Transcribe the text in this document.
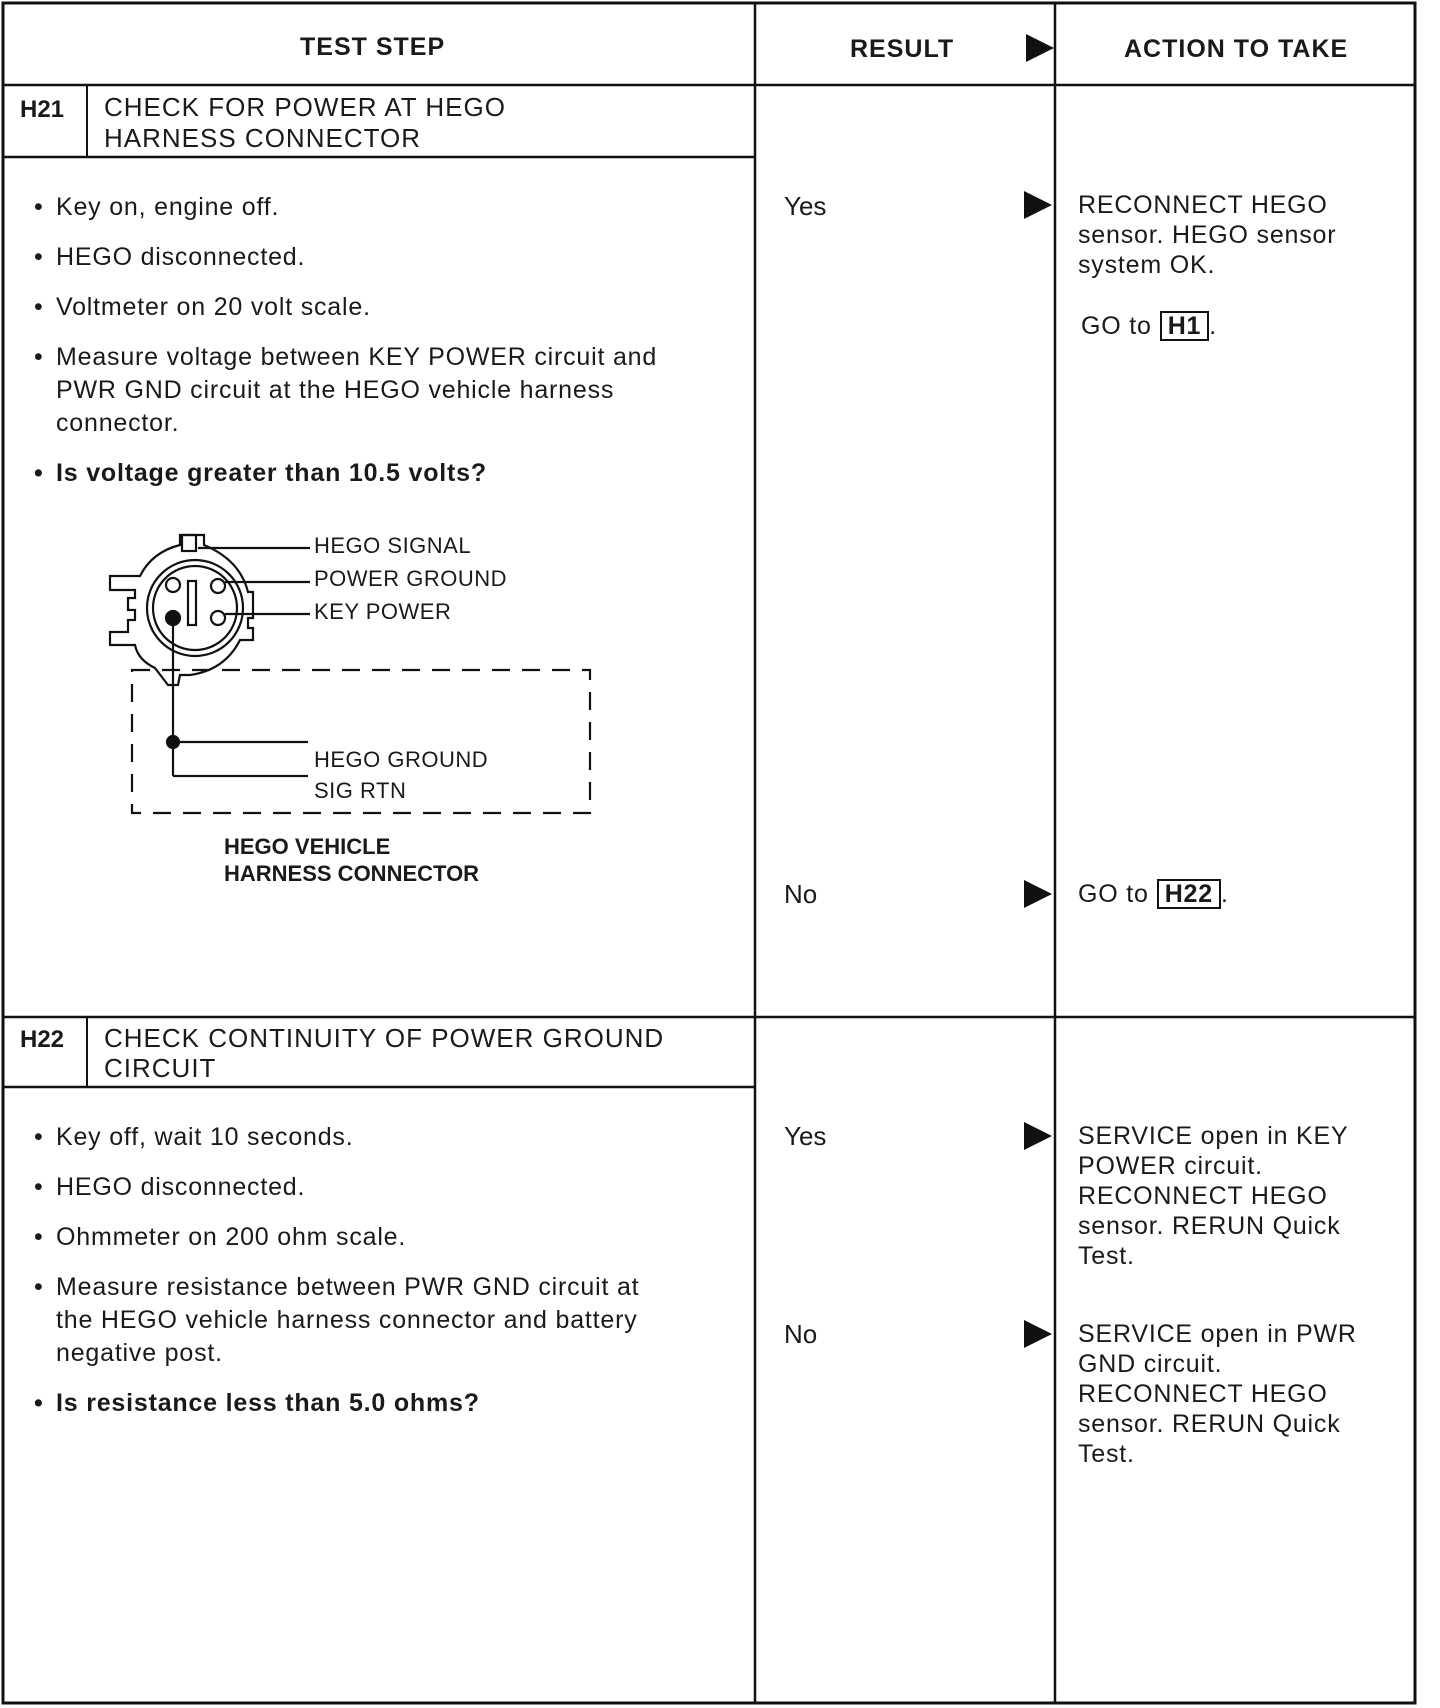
TEST STEP	RESULT	ACTION TO TAKE
H21 CHECK FOR POWER AT HEGO
HARNESS CONNECTOR
• Key on, engine off.
• HEGO disconnected.
• Voltmeter on 20 volt scale.
• Measure voltage between KEY POWER circuit and
PWR GND circuit at the HEGO vehicle harness
connector.
• Is voltage greater than 10.5 volts?
HEGO SIGNAL
POWER GROUND
KEY POWER
HEGO GROUND
SIG RTN
HEGO VEHICLE
HARNESS CONNECTOR
Yes	RECONNECT HEGO
sensor. HEGO sensor
system OK.
GO to H1 .
No	GO to H22 .
H22 CHECK CONTINUITY OF POWER GROUND
CIRCUIT
• Key off, wait 10 seconds.
• HEGO disconnected.
• Ohmmeter on 200 ohm scale.
• Measure resistance between PWR GND circuit at
the HEGO vehicle harness connector and battery
negative post.
• Is resistance less than 5.0 ohms?
Yes	SERVICE open in KEY
POWER circuit.
RECONNECT HEGO
sensor. RERUN Quick
Test.
No	SERVICE open in PWR
GND circuit.
RECONNECT HEGO
sensor. RERUN Quick
Test.
